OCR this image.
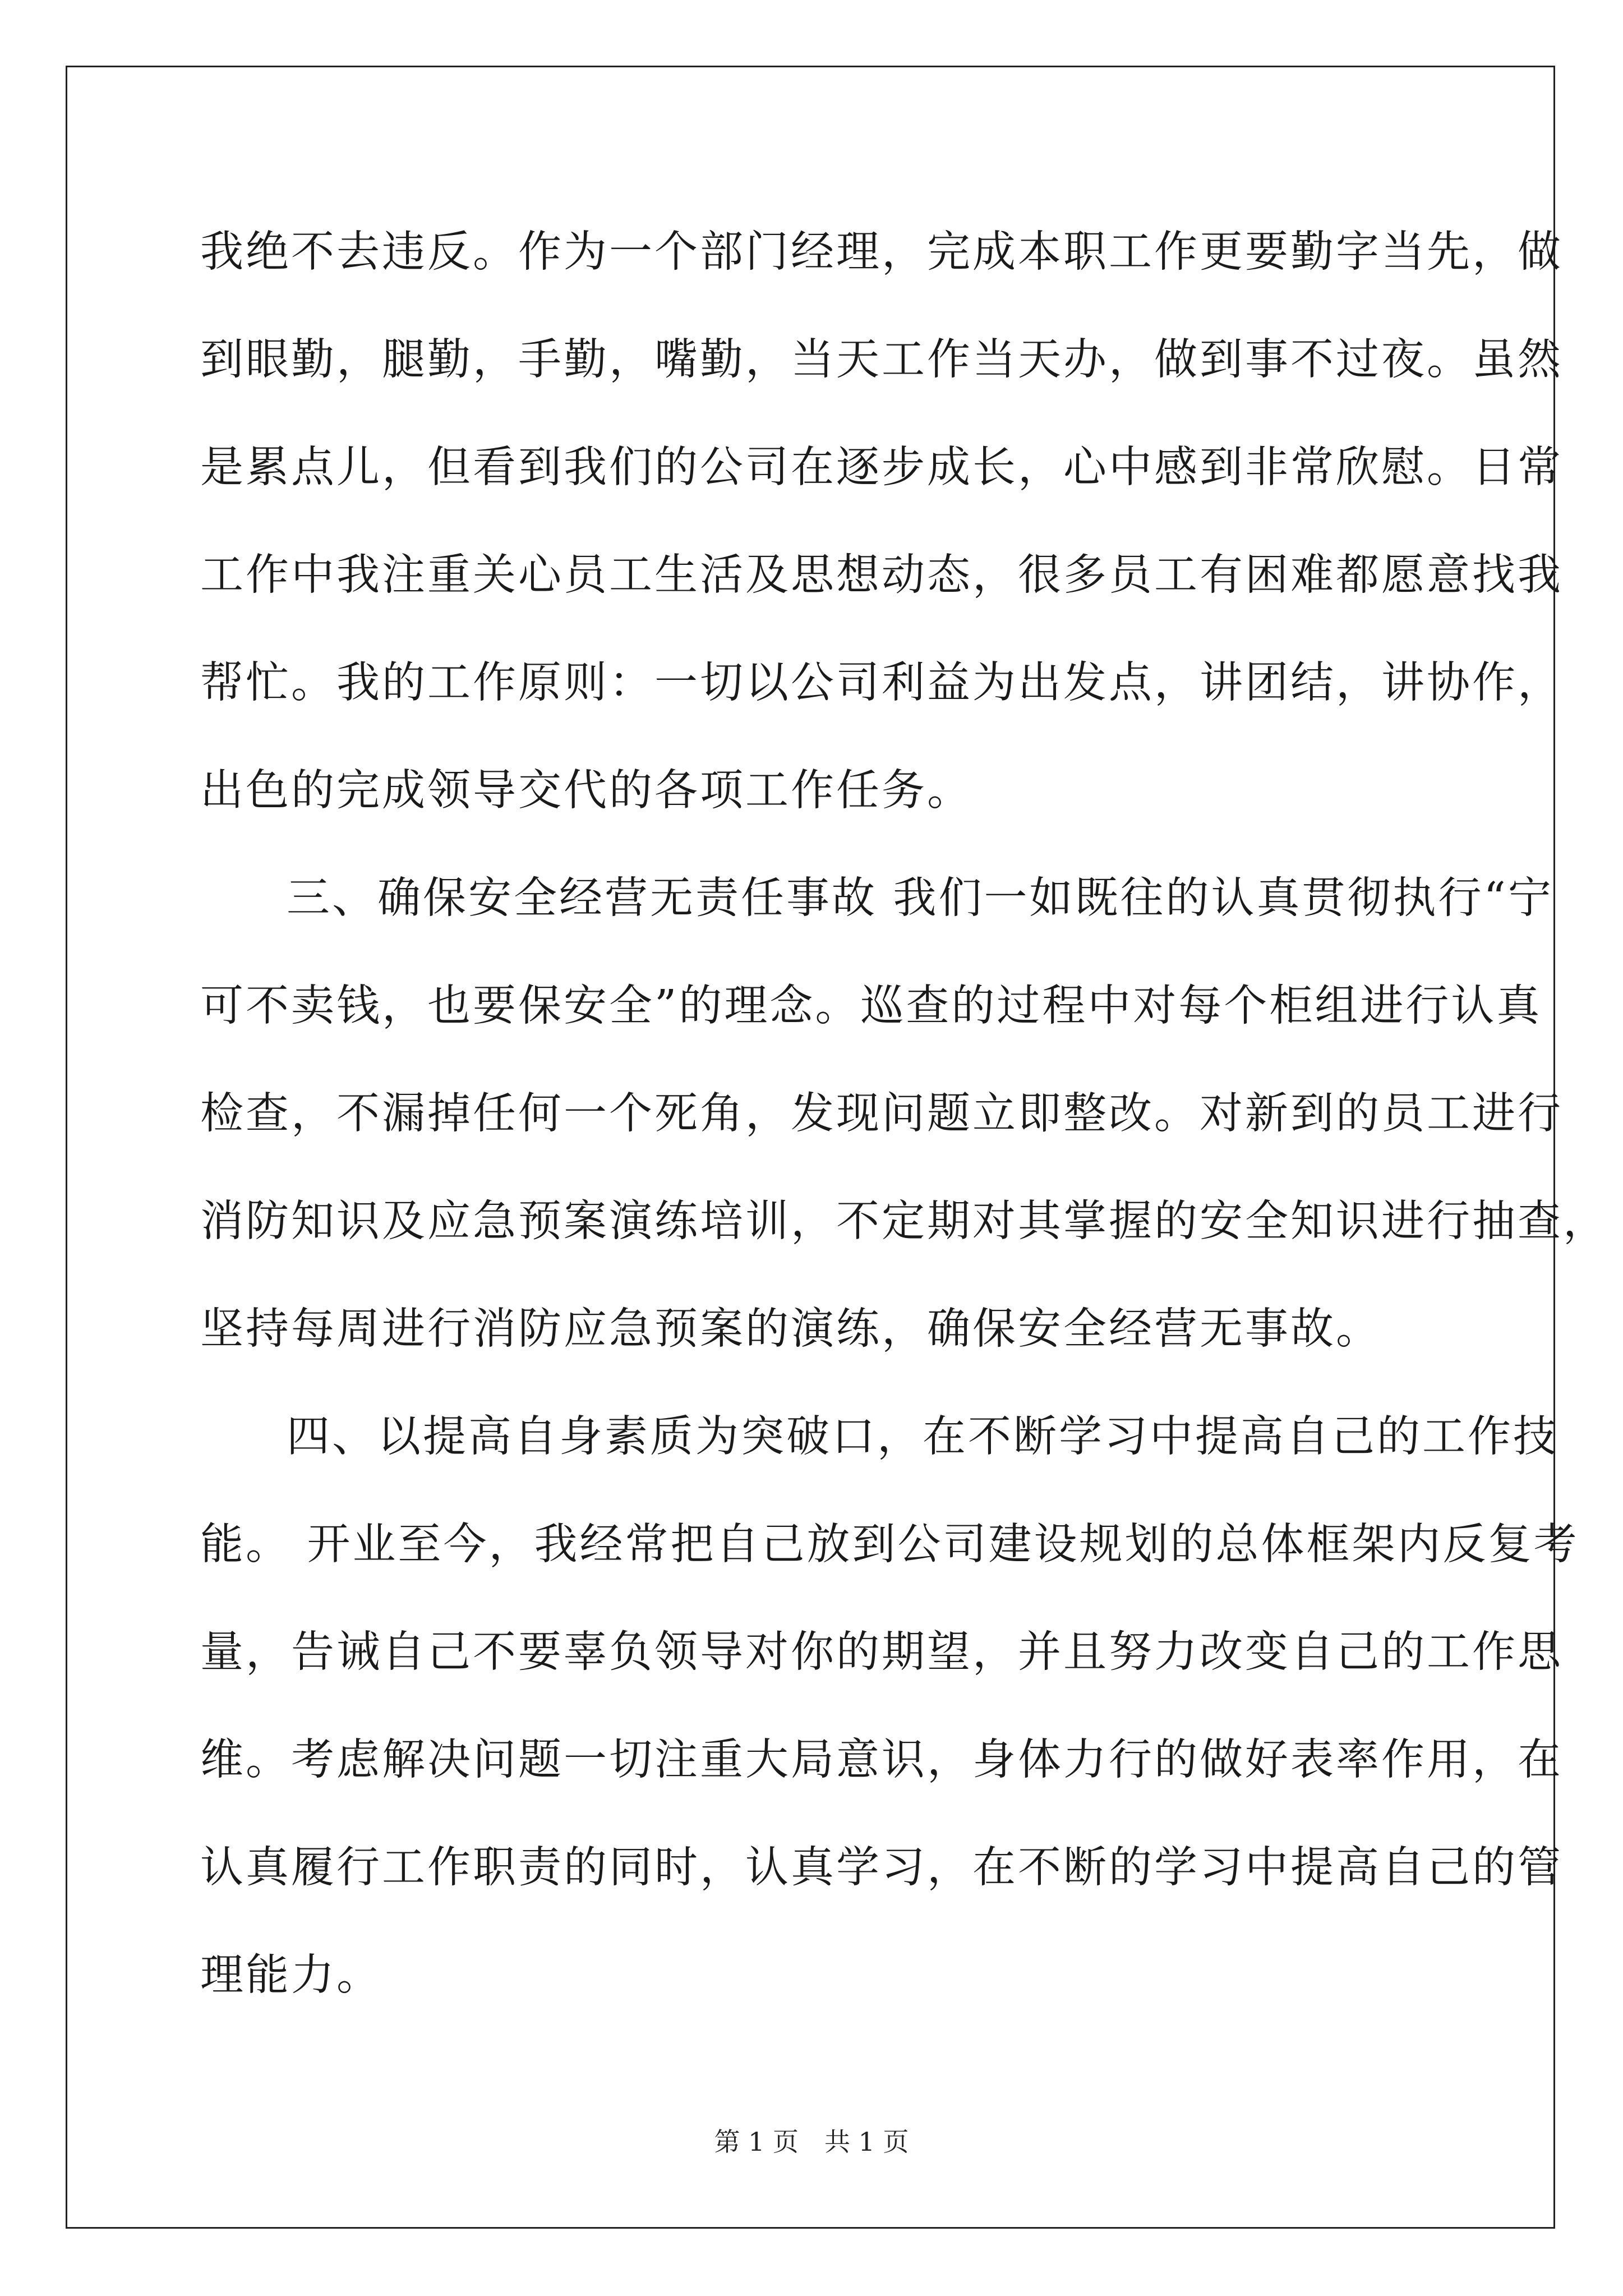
我绝不去违反。作为一个部门经理，完成本职工作更要勤字当先，做
到眼勤，腿勤，手勤，嘴勤，当天工作当天办，做到事不过夜。虽然
是累点儿，但看到我们的公司在逐步成长，心中感到非常欣慰。日常
工作中我注重关心员工生活及思想动态，很多员工有困难都愿意找我
帮忙。我的工作原则：一切以公司利益为出发点，讲团结，讲协作，
出色的完成领导交代的各项工作任务。
三、确保安全经营无责任事故 我们一如既往的认真贯彻执行“宁
可不卖钱，也要保安全”的理念。巡查的过程中对每个柜组进行认真
检查，不漏掉任何一个死角，发现问题立即整改。对新到的员工进行
消防知识及应急预案演练培训，不定期对其掌握的安全知识进行抽查，
坚持每周进行消防应急预案的演练，确保安全经营无事故。
四、以提高自身素质为突破口，在不断学习中提高自己的工作技
能。 开业至今，我经常把自己放到公司建设规划的总体框架内反复考
量，告诫自己不要辜负领导对你的期望，并且努力改变自己的工作思
维。考虑解决问题一切注重大局意识，身体力行的做好表率作用，在
认真履行工作职责的同时，认真学习，在不断的学习中提高自己的管
理能力。
第 1 页　共 1 页
